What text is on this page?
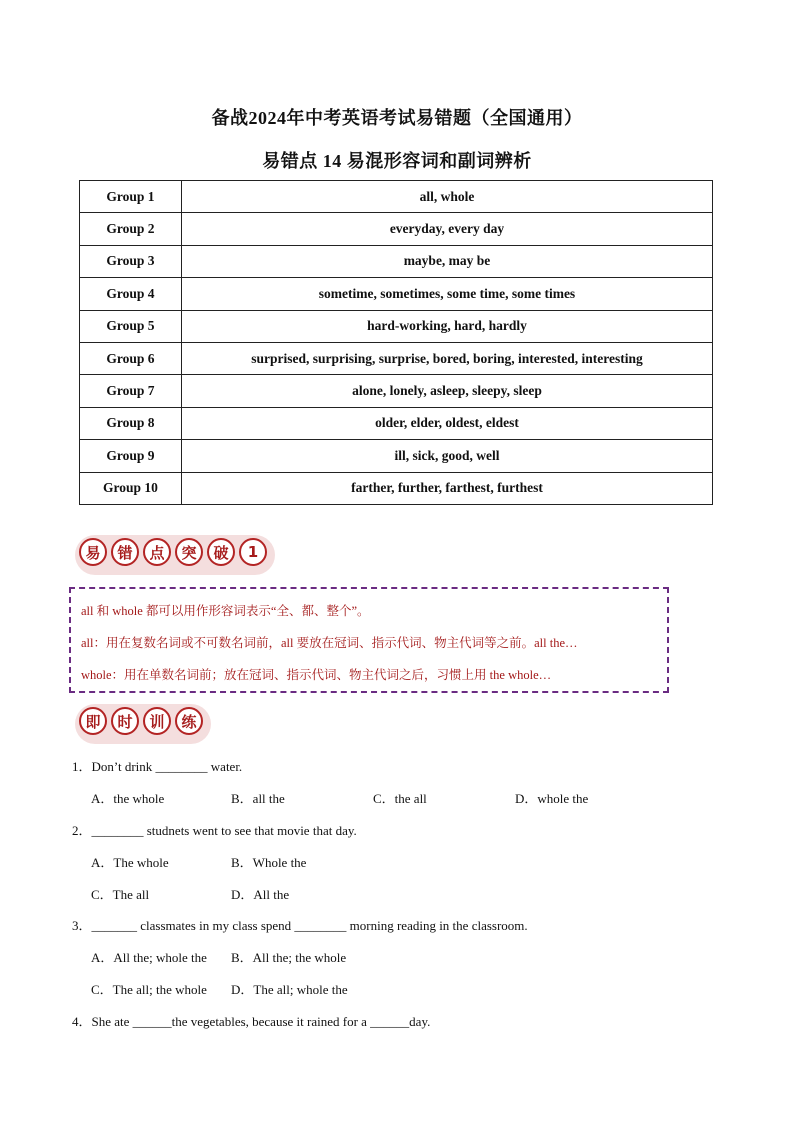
备战2024年中考英语考试易错题（全国通用）
易错点 14 易混形容词和副词辨析
Group 1	all, whole
Group 2	everyday, every day
Group 3	maybe, may be
Group 4	sometime, sometimes, some time, some times
Group 5	hard-working, hard, hardly
Group 6	surprised, surprising, surprise, bored, boring, interested, interesting
Group 7	alone, lonely, asleep, sleepy, sleep
Group 8	older, elder, oldest, eldest
Group 9	ill, sick, good, well
Group 10	farther, further, farthest, furthest
易	错	点	突	破	1
all 和 whole 都可以用作形容词表示“全、都、整个”。
all：用在复数名词或不可数名词前，all 要放在冠词、指示代词、物主代词等之前。all the…
whole：用在单数名词前；放在冠词、指示代词、物主代词之后，习惯上用 the whole…
即	时	训	练
1．Don’t drink ________ water.
A．the whole	B．all the	C．the all	D．whole the
2．________ studnets went to see that movie that day.
A．The whole	B．Whole the
C．The all	D．All the
3．_______ classmates in my class spend ________ morning reading in the classroom.
A．All the; whole the B．All the; the whole
C．The all; the whole D．The all; whole the
4．She ate ______the vegetables, because it rained for a ______day.
